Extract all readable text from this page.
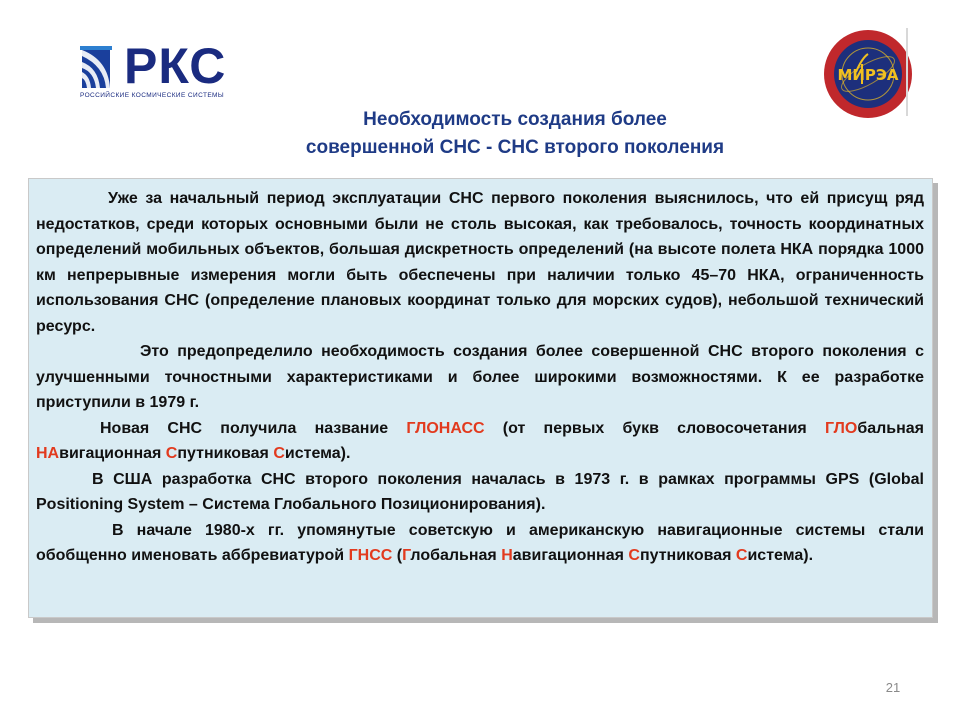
РКС
РОССИЙСКИЕ КОСМИЧЕСКИЕ СИСТЕМЫ
МИРЭА
Необходимость создания более
совершенной СНС - СНС второго поколения

Уже за начальный период эксплуатации СНС первого поколения выяснилось, что ей присущ ряд недостатков, среди которых основными были не столь высокая, как требовалось, точность координатных определений мобильных объектов, большая дискретность определений (на высоте полета НКА порядка 1000 км непрерывные измерения могли быть обеспечены при наличии только 45–70 НКА, ограниченность использования СНС (определение плановых координат только для морских судов), небольшой технический ресурс.

Это предопределило необходимость создания более совершенной СНС второго поколения с улучшенными точностными характеристиками и более широкими возможностями. К ее разработке приступили в 1979 г.

Новая СНС получила название ГЛОНАСС (от первых букв словосочетания ГЛОбальная НАвигационная Спутниковая Система).

В США разработка СНС второго поколения началась в 1973 г. в рамках программы GPS (Global Positioning System – Система Глобального Позиционирования).

В начале 1980-х гг. упомянутые советскую и американскую навигационные системы стали обобщенно именовать аббревиатурой ГНСС (Глобальная Навигационная Спутниковая Система).

21
